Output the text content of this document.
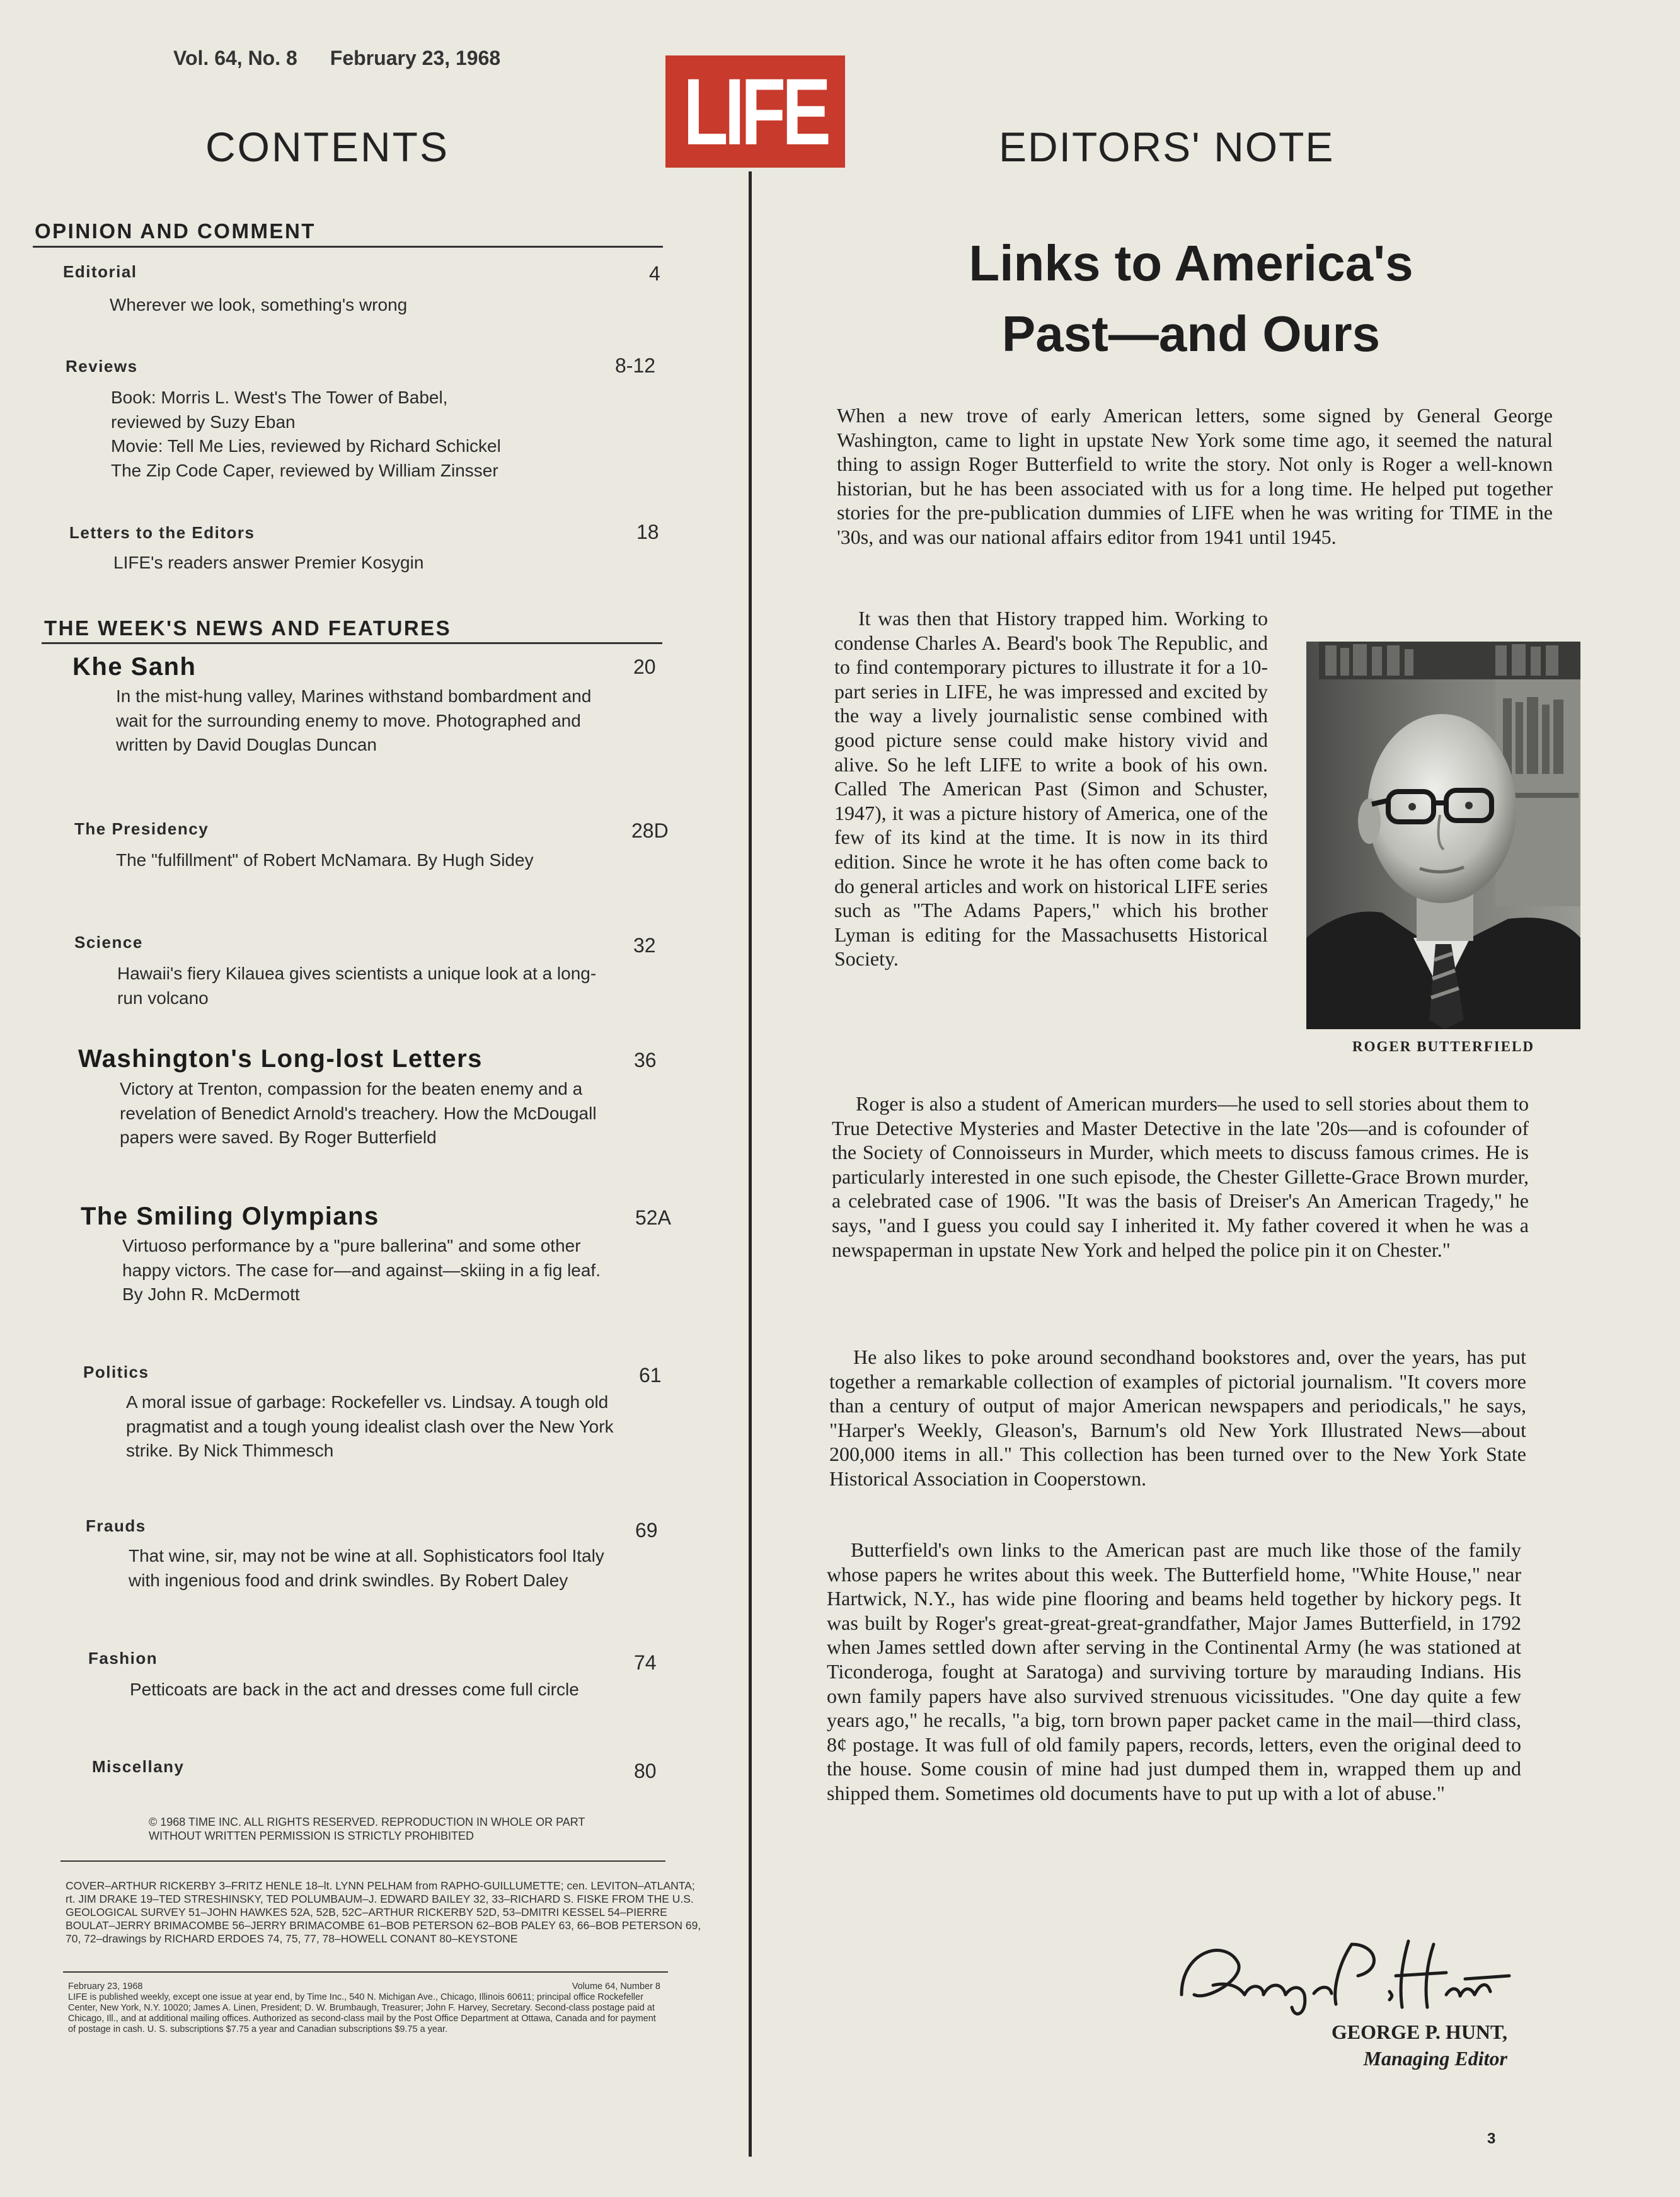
Vol. 64, No. 8 February 23, 1968
CONTENTS LIFE	EDITORS' NOTE
OPINION AND COMMENT
Editorial	4
Wherever we look, something's wrong
Reviews	8-12
Book: Morris L. West's The Tower of Babel,
reviewed by Suzy Eban
Movie: Tell Me Lies, reviewed by Richard Schickel
The Zip Code Caper, reviewed by William Zinsser
Letters to the Editors	18
LIFE's readers answer Premier Kosygin
THE WEEK'S NEWS AND FEATURES
Khe Sanh	20
In the mist-hung valley, Marines withstand bombardment and wait for the surrounding enemy to move. Photographed and written by David Douglas Duncan
The Presidency	28D
The "fulfillment" of Robert McNamara. By Hugh Sidey
Science	32
Hawaii's fiery Kilauea gives scientists a unique look at a long-run volcano
Washington's Long-lost Letters	36
Victory at Trenton, compassion for the beaten enemy and a revelation of Benedict Arnold's treachery. How the McDougall papers were saved. By Roger Butterfield
The Smiling Olympians	52A
Virtuoso performance by a "pure ballerina" and some other happy victors. The case for—and against—skiing in a fig leaf. By John R. McDermott
Politics	61
A moral issue of garbage: Rockefeller vs. Lindsay. A tough old pragmatist and a tough young idealist clash over the New York strike. By Nick Thimmesch
Frauds	69
That wine, sir, may not be wine at all. Sophisticators fool Italy with ingenious food and drink swindles. By Robert Daley
Fashion	74
Petticoats are back in the act and dresses come full circle
Miscellany	80
© 1968 TIME INC. ALL RIGHTS RESERVED. REPRODUCTION IN WHOLE OR PART WITHOUT WRITTEN PERMISSION IS STRICTLY PROHIBITED
COVER–ARTHUR RICKERBY 3–FRITZ HENLE 18–lt. LYNN PELHAM from RAPHO-GUILLUMETTE; cen. LEVITON–ATLANTA; rt. JIM DRAKE 19–TED STRESHINSKY, TED POLUMBAUM–J. EDWARD BAILEY 32, 33–RICHARD S. FISKE FROM THE U.S. GEOLOGICAL SURVEY 51–JOHN HAWKES 52A, 52B, 52C–ARTHUR RICKERBY 52D, 53–DMITRI KESSEL 54–PIERRE BOULAT–JERRY BRIMACOMBE 56–JERRY BRIMACOMBE 61–BOB PETERSON 62–BOB PALEY 63, 66–BOB PETERSON 69, 70, 72–drawings by RICHARD ERDOES 74, 75, 77, 78–HOWELL CONANT 80–KEYSTONE
February 23, 1968	Volume 64, Number 8
LIFE is published weekly, except one issue at year end, by Time Inc., 540 N. Michigan Ave., Chicago, Illinois 60611; principal office Rockefeller Center, New York, N.Y. 10020; James A. Linen, President; D. W. Brumbaugh, Treasurer; John F. Harvey, Secretary. Second-class postage paid at Chicago, Ill., and at additional mailing offices. Authorized as second-class mail by the Post Office Department at Ottawa, Canada and for payment of postage in cash. U. S. subscriptions $7.75 a year and Canadian subscriptions $9.75 a year.
Links to America's
Past—and Ours

When a new trove of early American letters, some signed by General George Washington, came to light in upstate New York some time ago, it seemed the natural thing to assign Roger Butterfield to write the story. Not only is Roger a well-known historian, but he has been associated with us for a long time. He helped put together stories for the pre-publication dummies of LIFE when he was writing for TIME in the '30s, and was our national affairs editor from 1941 until 1945.

It was then that History trapped him. Working to condense Charles A. Beard's book The Republic, and to find contemporary pictures to illustrate it for a 10-part series in LIFE, he was impressed and excited by the way a lively journalistic sense combined with good picture sense could make history vivid and alive. So he left LIFE to write a book of his own. Called The American Past (Simon and Schuster, 1947), it was a picture history of America, one of the few of its kind at the time. It is now in its third edition. Since he wrote it he has often come back to do general articles and work on historical LIFE series such as "The Adams Papers," which his brother Lyman is editing for the Massachusetts Historical Society.

Roger is also a student of American murders—he used to sell stories about them to True Detective Mysteries and Master Detective in the late '20s—and is cofounder of the Society of Connoisseurs in Murder, which meets to discuss famous crimes. He is particularly interested in one such episode, the Chester Gillette-Grace Brown murder, a celebrated case of 1906. "It was the basis of Dreiser's An American Tragedy," he says, "and I guess you could say I inherited it. My father covered it when he was a newspaperman in upstate New York and helped the police pin it on Chester."

He also likes to poke around secondhand bookstores and, over the years, has put together a remarkable collection of examples of pictorial journalism. "It covers more than a century of output of major American newspapers and periodicals," he says, "Harper's Weekly, Gleason's, Barnum's old New York Illustrated News—about 200,000 items in all." This collection has been turned over to the New York State Historical Association in Cooperstown.

Butterfield's own links to the American past are much like those of the family whose papers he writes about this week. The Butterfield home, "White House," near Hartwick, N.Y., has wide pine flooring and beams held together by hickory pegs. It was built by Roger's great-great-great-grandfather, Major James Butterfield, in 1792 when James settled down after serving in the Continental Army (he was stationed at Ticonderoga, fought at Saratoga) and surviving torture by marauding Indians. His own family papers have also survived strenuous vicissitudes. "One day quite a few years ago," he recalls, "a big, torn brown paper packet came in the mail—third class, 8¢ postage. It was full of old family papers, records, letters, even the original deed to the house. Some cousin of mine had just dumped them in, wrapped them up and shipped them. Sometimes old documents have to put up with a lot of abuse."

ROGER BUTTERFIELD
GEORGE P. HUNT,
Managing Editor
3
